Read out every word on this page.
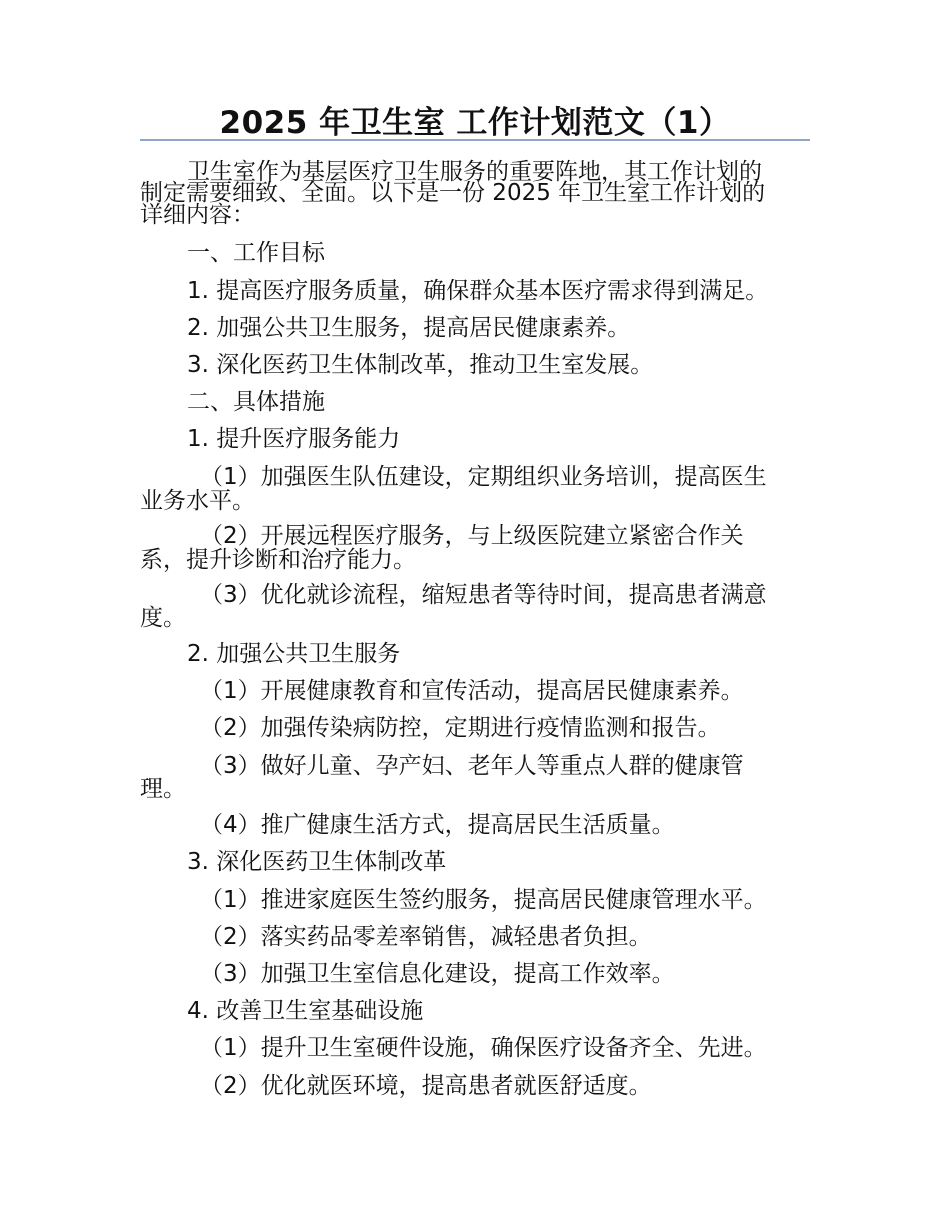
2025 年卫生室 工作计划范文（1）
卫生室作为基层医疗卫生服务的重要阵地，其工作计划的
制定需要细致、全面。以下是一份 2025 年卫生室工作计划的
详细内容：
一、工作目标
1. 提高医疗服务质量，确保群众基本医疗需求得到满足。
2. 加强公共卫生服务，提高居民健康素养。
3. 深化医药卫生体制改革，推动卫生室发展。
二、具体措施
1. 提升医疗服务能力
（1）加强医生队伍建设，定期组织业务培训，提高医生
业务水平。
（2）开展远程医疗服务，与上级医院建立紧密合作关
系，提升诊断和治疗能力。
（3）优化就诊流程，缩短患者等待时间，提高患者满意
度。
2. 加强公共卫生服务
（1）开展健康教育和宣传活动，提高居民健康素养。
（2）加强传染病防控，定期进行疫情监测和报告。
（3）做好儿童、孕产妇、老年人等重点人群的健康管
理。
（4）推广健康生活方式，提高居民生活质量。
3. 深化医药卫生体制改革
（1）推进家庭医生签约服务，提高居民健康管理水平。
（2）落实药品零差率销售，减轻患者负担。
（3）加强卫生室信息化建设，提高工作效率。
4. 改善卫生室基础设施
（1）提升卫生室硬件设施，确保医疗设备齐全、先进。
（2）优化就医环境，提高患者就医舒适度。
